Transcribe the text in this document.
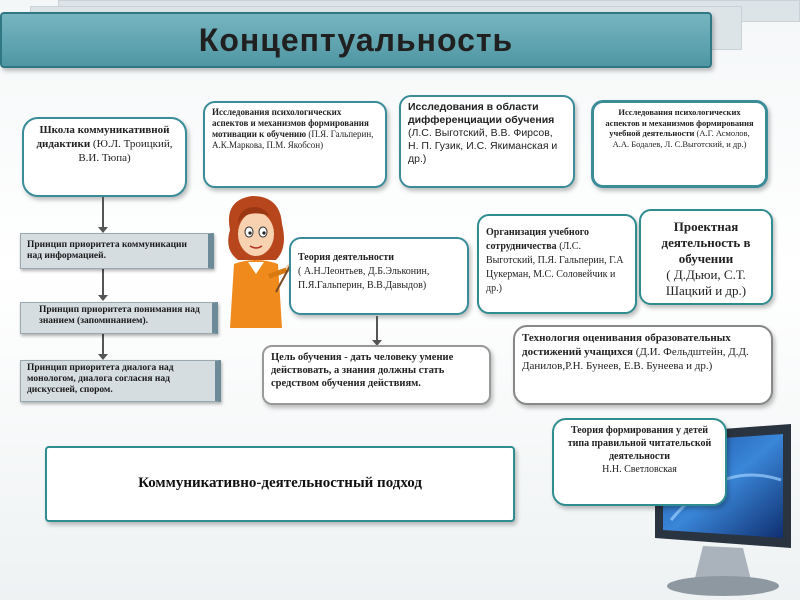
Концептуальность
Школа коммуникативной дидактики (Ю.Л. Троицкий, В.И. Тюпа)
Исследования психологических аспектов и механизмов формирования мотивации к обучению (П.Я. Гальперин, А.К.Маркова, П.М. Якобсон)
Исследования в области дифференциации обучения (Л.С. Выготский, В.В. Фирсов, Н. П. Гузик, И.С. Якиманская и др.)
Исследования психологических аспектов и механизмов формирования учебной деятельности (А.Г. Асмолов, А.А. Бодалев, Л. С.Выготский, и др.)
Теория деятельности
( А.Н.Леонтьев, Д.Б.Эльконин, П.Я.Гальперин, В.В.Давыдов)
Организация учебного сотрудничества (Л.С. Выготский, П.Я. Гальперин, Г.А Цукерман, М.С. Соловейчик и др.)
Проектная деятельность в обучении
( Д.Дьюи, С.Т. Шацкий и др.)
Принцип приоритета коммуникации над информацией.
Принцип приоритета понимания над знанием (запоминанием).
Принцип приоритета диалога над монологом, диалога согласия над дискуссией, спором.
Цель обучения - дать человеку умение действовать, а знания должны стать средством обучения действиям.
Технология оценивания образовательных достижений учащихся (Д.И. Фельдштейн, Д.Д. Данилов,Р.Н. Бунеев, Е.В. Бунеева и др.)
Коммуникативно-деятельностный подход
Теория формирования у детей типа правильной читательской деятельности
Н.Н. Светловская
